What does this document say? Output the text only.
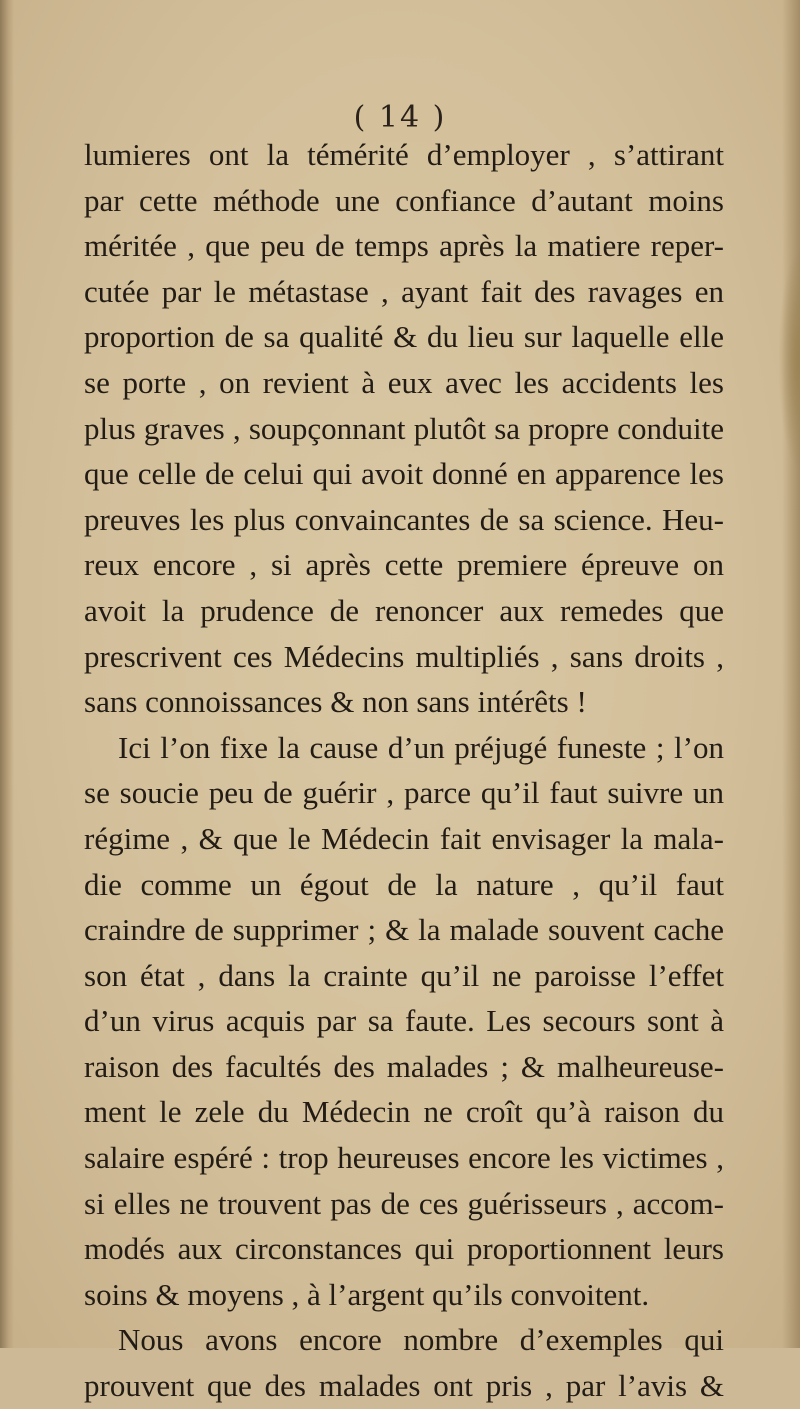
( 14 )
lumieres ont la témérité d’employer , s’attirant
par cette méthode une confiance d’autant moins
méritée , que peu de temps après la matiere reper-
cutée par le métastase , ayant fait des ravages en
proportion de sa qualité & du lieu sur laquelle elle
se porte , on revient à eux avec les accidents les
plus graves , soupçonnant plutôt sa propre conduite
que celle de celui qui avoit donné en apparence les
preuves les plus convaincantes de sa science. Heu-
reux encore , si après cette premiere épreuve on
avoit la prudence de renoncer aux remedes que
prescrivent ces Médecins multipliés , sans droits ,
sans connoissances & non sans intérêts !
Ici l’on fixe la cause d’un préjugé funeste ; l’on
se soucie peu de guérir , parce qu’il faut suivre un
régime , & que le Médecin fait envisager la mala-
die comme un égout de la nature , qu’il faut
craindre de supprimer ; & la malade souvent cache
son état , dans la crainte qu’il ne paroisse l’effet
d’un virus acquis par sa faute. Les secours sont à
raison des facultés des malades ; & malheureuse-
ment le zele du Médecin ne croît qu’à raison du
salaire espéré : trop heureuses encore les victimes ,
si elles ne trouvent pas de ces guérisseurs , accom-
modés aux circonstances qui proportionnent leurs
soins & moyens , à l’argent qu’ils convoitent.
Nous avons encore nombre d’exemples qui
prouvent que des malades ont pris , par l’avis &
